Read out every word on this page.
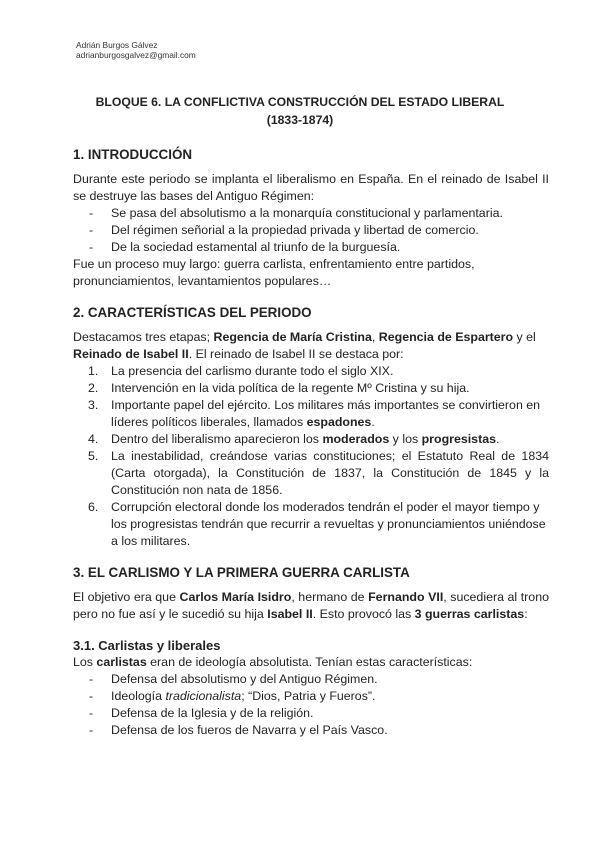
Adrián Burgos Gálvez
adrianburgosgalvez@gmail.com
BLOQUE 6. LA CONFLICTIVA CONSTRUCCIÓN DEL ESTADO LIBERAL
(1833-1874)
1. INTRODUCCIÓN

Durante este periodo se implanta el liberalismo en España. En el reinado de Isabel II se destruye las bases del Antiguo Régimen:

- Se pasa del absolutismo a la monarquía constitucional y parlamentaria.
- Del régimen señorial a la propiedad privada y libertad de comercio.
- De la sociedad estamental al triunfo de la burguesía.

Fue un proceso muy largo: guerra carlista, enfrentamiento entre partidos, pronunciamientos, levantamientos populares…

2. CARACTERÍSTICAS DEL PERIODO

Destacamos tres etapas; Regencia de María Cristina, Regencia de Espartero y el Reinado de Isabel II. El reinado de Isabel II se destaca por:

1. La presencia del carlismo durante todo el siglo XIX.
2. Intervención en la vida política de la regente Mº Cristina y su hija.
3. Importante papel del ejército. Los militares más importantes se convirtieron en líderes políticos liberales, llamados espadones.
4. Dentro del liberalismo aparecieron los moderados y los progresistas.
5. La inestabilidad, creándose varias constituciones; el Estatuto Real de 1834 (Carta otorgada), la Constitución de 1837, la Constitución de 1845 y la Constitución non nata de 1856.
6. Corrupción electoral donde los moderados tendrán el poder el mayor tiempo y los progresistas tendrán que recurrir a revueltas y pronunciamientos uniéndose a los militares.
3. EL CARLISMO Y LA PRIMERA GUERRA CARLISTA

El objetivo era que Carlos María Isidro, hermano de Fernando VII, sucediera al trono pero no fue así y le sucedió su hija Isabel II. Esto provocó las 3 guerras carlistas:

3.1. Carlistas y liberales

Los carlistas eran de ideología absolutista. Tenían estas características:

- Defensa del absolutismo y del Antiguo Régimen.
- Ideología tradicionalista; “Dios, Patria y Fueros”.
- Defensa de la Iglesia y de la religión.
- Defensa de los fueros de Navarra y el País Vasco.
